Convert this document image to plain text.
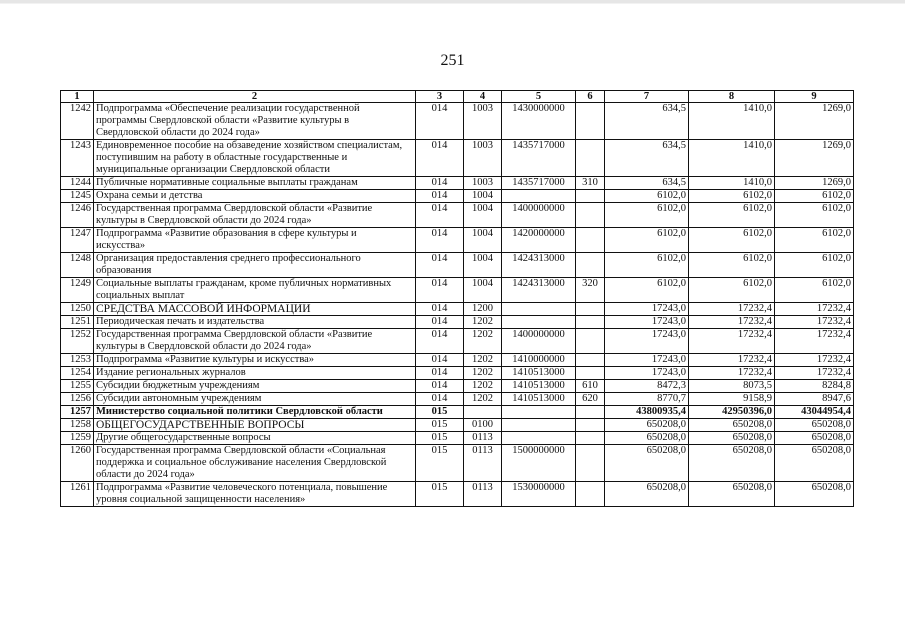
251
1	2	3	4	5	6	7	8	9
1242	Подпрограмма «Обеспечение реализации государственной
программы Свердловской области «Развитие культуры в
Свердловской области до 2024 года»	014	1003	1430000000		634,5	1410,0	1269,0
1243	Единовременное пособие на обзаведение хозяйством специалистам,
поступившим на работу в областные государственные и
муниципальные организации Свердловской области	014	1003	1435717000		634,5	1410,0	1269,0
1244	Публичные нормативные социальные выплаты гражданам	014	1003	1435717000	310	634,5	1410,0	1269,0
1245	Охрана семьи и детства	014	1004			6102,0	6102,0	6102,0
1246	Государственная программа Свердловской области «Развитие
культуры в Свердловской области до 2024 года»	014	1004	1400000000		6102,0	6102,0	6102,0
1247	Подпрограмма «Развитие образования в сфере культуры и
искусства»	014	1004	1420000000		6102,0	6102,0	6102,0
1248	Организация предоставления среднего профессионального
образования	014	1004	1424313000		6102,0	6102,0	6102,0
1249	Социальные выплаты гражданам, кроме публичных нормативных
социальных выплат	014	1004	1424313000	320	6102,0	6102,0	6102,0
1250	СРЕДСТВА МАССОВОЙ ИНФОРМАЦИИ	014	1200			17243,0	17232,4	17232,4
1251	Периодическая печать и издательства	014	1202			17243,0	17232,4	17232,4
1252	Государственная программа Свердловской области «Развитие
культуры в Свердловской области до 2024 года»	014	1202	1400000000		17243,0	17232,4	17232,4
1253	Подпрограмма «Развитие культуры и искусства»	014	1202	1410000000		17243,0	17232,4	17232,4
1254	Издание региональных журналов	014	1202	1410513000		17243,0	17232,4	17232,4
1255	Субсидии бюджетным учреждениям	014	1202	1410513000	610	8472,3	8073,5	8284,8
1256	Субсидии автономным учреждениям	014	1202	1410513000	620	8770,7	9158,9	8947,6
1257	Министерство социальной политики Свердловской области	015				43800935,4	42950396,0	43044954,4
1258	ОБЩЕГОСУДАРСТВЕННЫЕ ВОПРОСЫ	015	0100			650208,0	650208,0	650208,0
1259	Другие общегосударственные вопросы	015	0113			650208,0	650208,0	650208,0
1260	Государственная программа Свердловской области «Социальная
поддержка и социальное обслуживание населения Свердловской
области до 2024 года»	015	0113	1500000000		650208,0	650208,0	650208,0
1261	Подпрограмма «Развитие человеческого потенциала, повышение
уровня социальной защищенности населения»	015	0113	1530000000		650208,0	650208,0	650208,0
